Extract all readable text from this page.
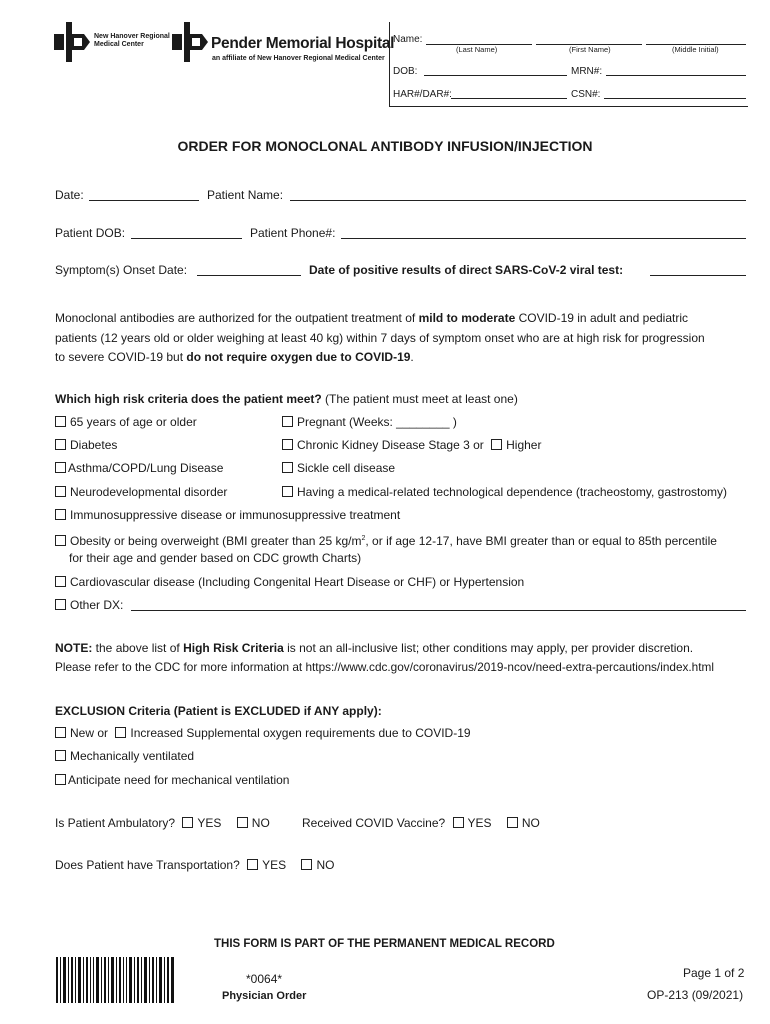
New Hanover Regional
Medical Center	Pender Memorial Hospital
an affiliate of New Hanover Regional Medical Center
Name:
(Last Name)	(First Name)	(Middle Initial)
DOB:	MRN#:
HAR#/DAR#:	CSN#:
ORDER FOR MONOCLONAL ANTIBODY INFUSION/INJECTION
Date:	Patient Name:
Patient DOB:	Patient Phone#:
Symptom(s) Onset Date:	Date of positive results of direct SARS-CoV-2 viral test:
Monoclonal antibodies are authorized for the outpatient treatment of mild to moderate COVID-19 in adult and pediatric
patients (12 years old or older weighing at least 40 kg) within 7 days of symptom onset who are at high risk for progression
to severe COVID-19 but do not require oxygen due to COVID-19.
Which high risk criteria does the patient meet? (The patient must meet at least one)
65 years of age or older	Pregnant (Weeks: ________ )
Diabetes	Chronic Kidney Disease Stage 3 or Higher
Asthma/COPD/Lung Disease	Sickle cell disease
Neurodevelopmental disorder	Having a medical-related technological dependence (tracheostomy, gastrostomy)
Immunosuppressive disease or immunosuppressive treatment
Obesity or being overweight (BMI greater than 25 $kg/m^2$, or if age 12-17, have BMI greater than or equal to 85th percentile
for their age and gender based on CDC growth Charts)
Cardiovascular disease (Including Congenital Heart Disease or CHF) or Hypertension
Other DX:
NOTE: the above list of High Risk Criteria is not an all-inclusive list; other conditions may apply, per provider discretion.
Please refer to the CDC for more information at https://www.cdc.gov/coronavirus/2019-ncov/need-extra-percautions/index.html
EXCLUSION Criteria (Patient is EXCLUDED if ANY apply):
New or Increased Supplemental oxygen requirements due to COVID-19
Mechanically ventilated
Anticipate need for mechanical ventilation
Is Patient Ambulatory? YES	NO	Received COVID Vaccine? YES	NO
Does Patient have Transportation? YES	NO
THIS FORM IS PART OF THE PERMANENT MEDICAL RECORD
*0064*
Physician Order
Page 1 of 2
OP-213 (09/2021)
